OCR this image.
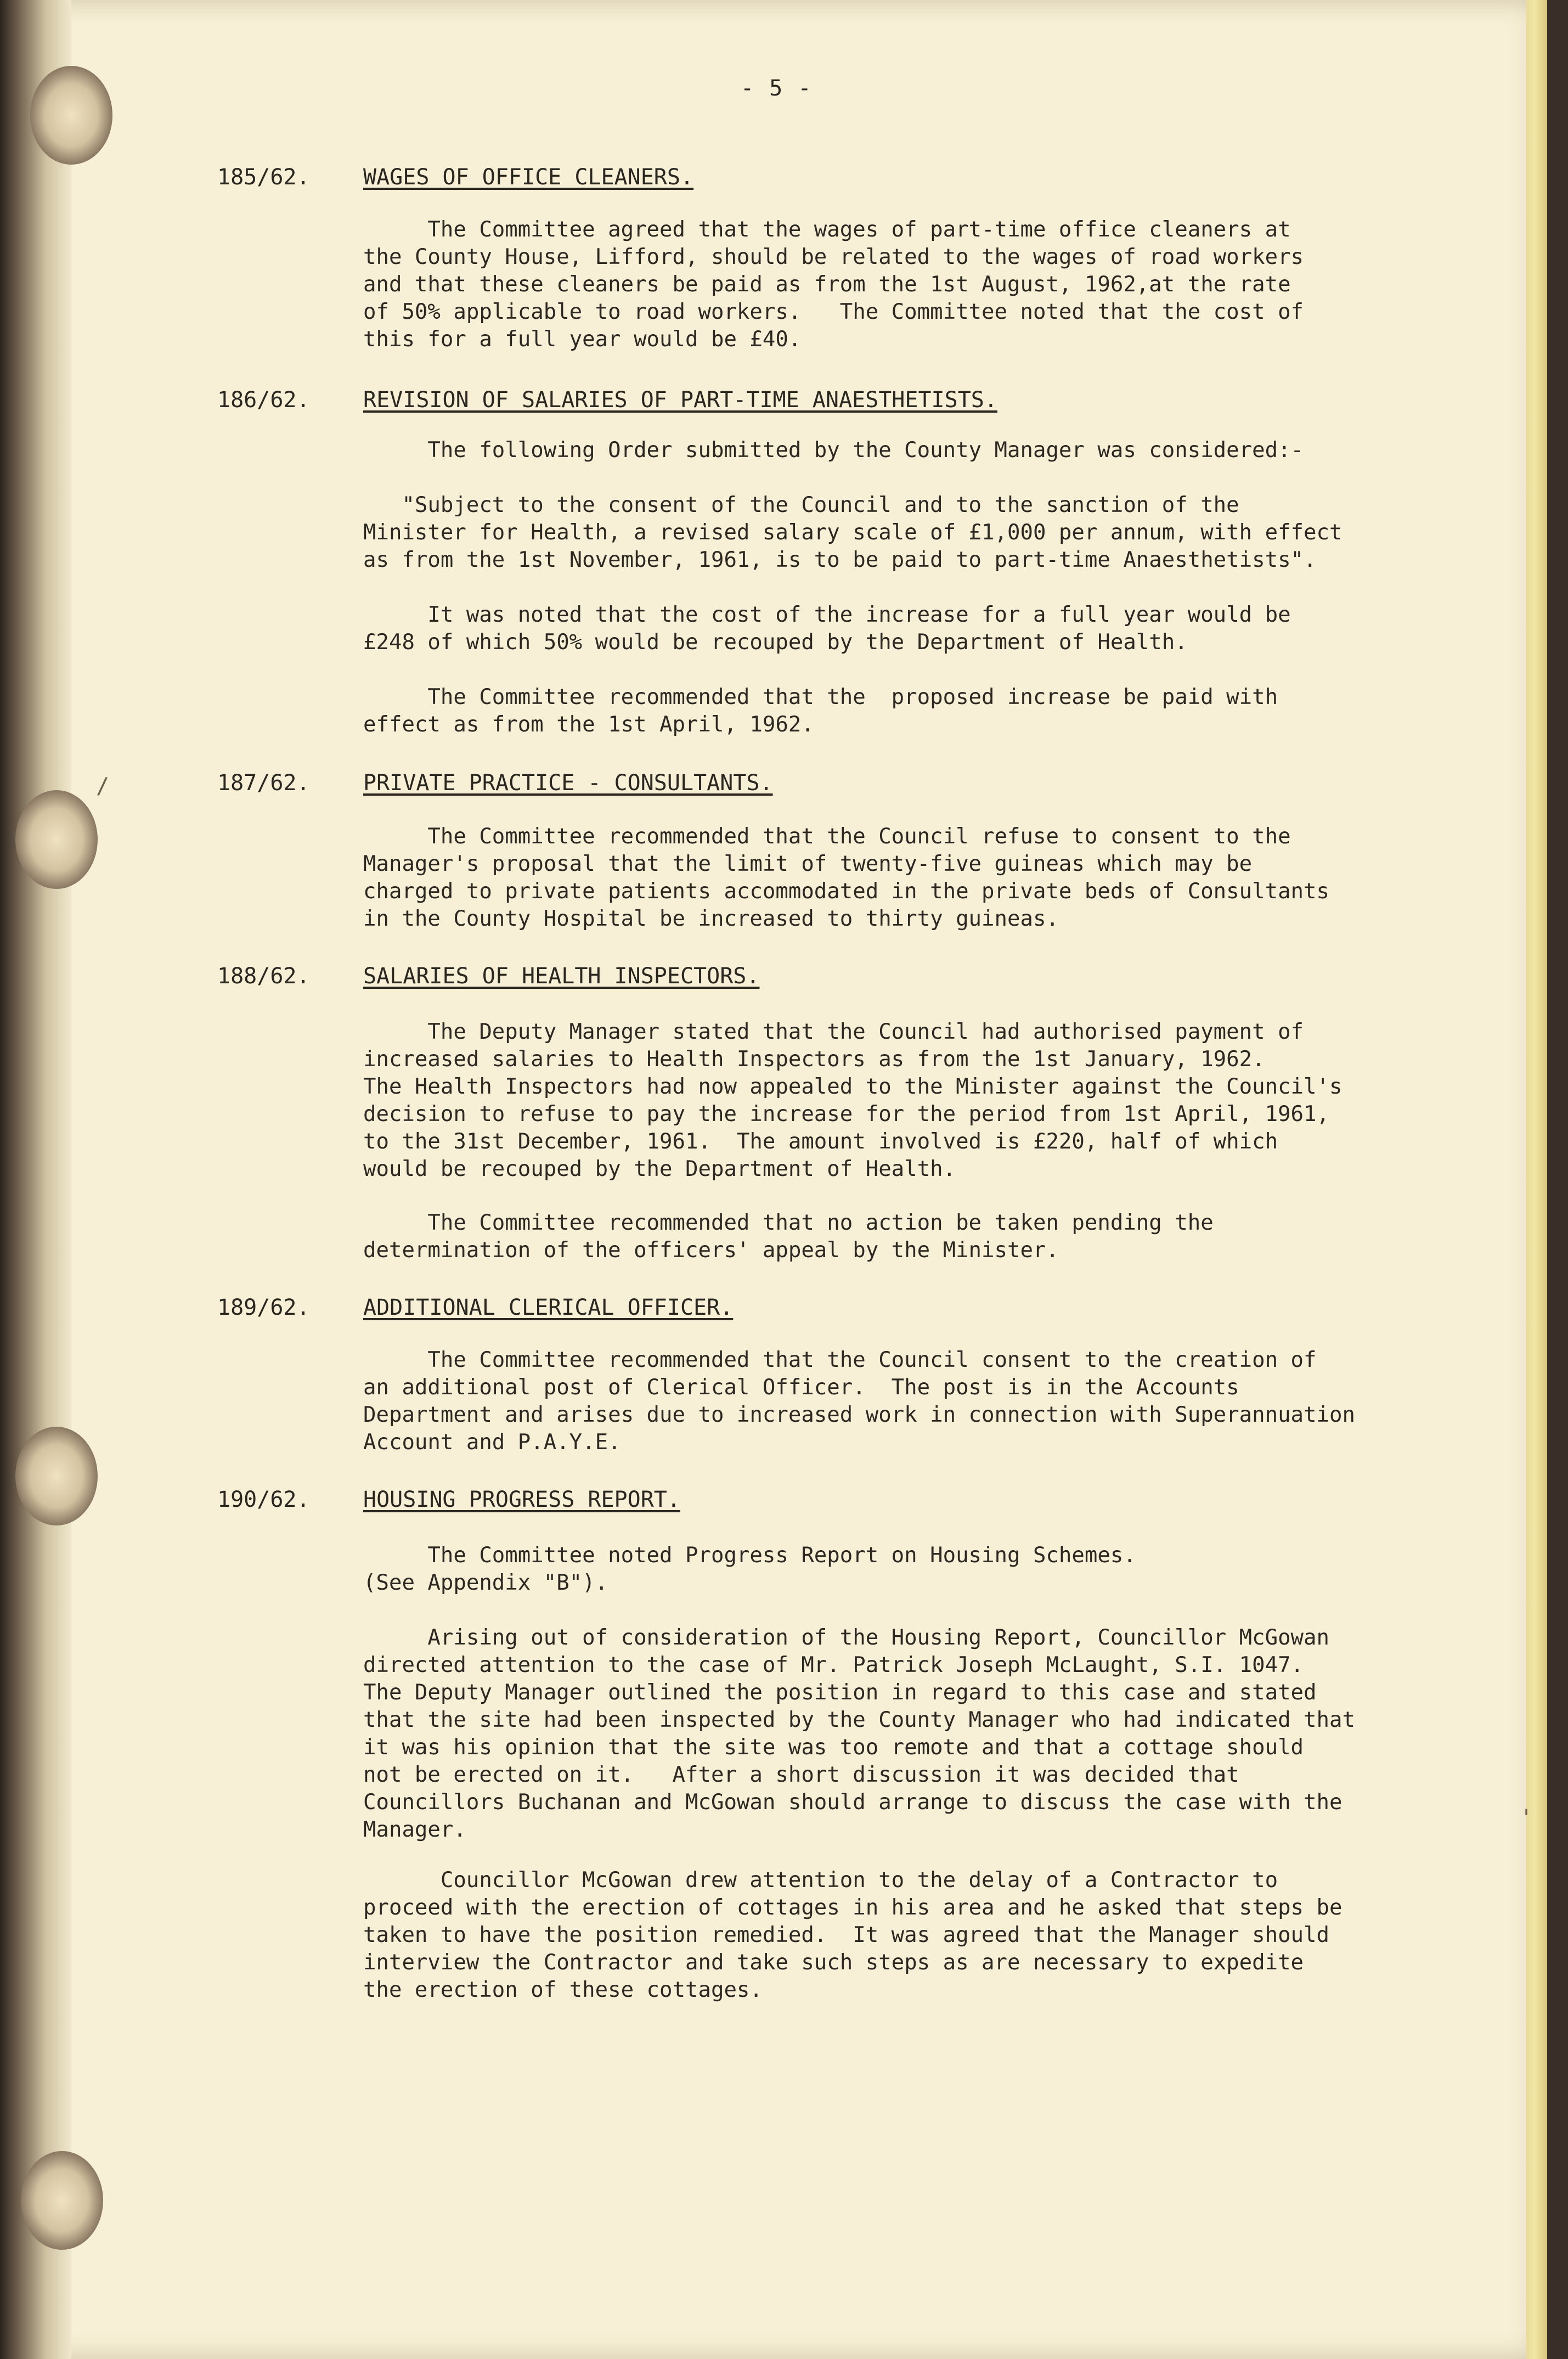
- 5 -
185/62. WAGES OF OFFICE CLEANERS.
The Committee agreed that the wages of part-time office cleaners at
the County House, Lifford, should be related to the wages of road workers
and that these cleaners be paid as from the 1st August, 1962,at the rate
of 50% applicable to road workers.   The Committee noted that the cost of
this for a full year would be £40.
186/62. REVISION OF SALARIES OF PART-TIME ANAESTHETISTS.
The following Order submitted by the County Manager was considered:-
"Subject to the consent of the Council and to the sanction of the
Minister for Health, a revised salary scale of £1,000 per annum, with effect
as from the 1st November, 1961, is to be paid to part-time Anaesthetists".
It was noted that the cost of the increase for a full year would be
£248 of which 50% would be recouped by the Department of Health.
The Committee recommended that the  proposed increase be paid with
effect as from the 1st April, 1962.
187/62. PRIVATE PRACTICE - CONSULTANTS.
The Committee recommended that the Council refuse to consent to the
Manager's proposal that the limit of twenty-five guineas which may be
charged to private patients accommodated in the private beds of Consultants
in the County Hospital be increased to thirty guineas.
188/62. SALARIES OF HEALTH INSPECTORS.
The Deputy Manager stated that the Council had authorised payment of
increased salaries to Health Inspectors as from the 1st January, 1962.
The Health Inspectors had now appealed to the Minister against the Council's
decision to refuse to pay the increase for the period from 1st April, 1961,
to the 31st December, 1961.  The amount involved is £220, half of which
would be recouped by the Department of Health.
The Committee recommended that no action be taken pending the
determination of the officers' appeal by the Minister.
189/62. ADDITIONAL CLERICAL OFFICER.
The Committee recommended that the Council consent to the creation of
an additional post of Clerical Officer.  The post is in the Accounts
Department and arises due to increased work in connection with Superannuation
Account and P.A.Y.E.
190/62. HOUSING PROGRESS REPORT.
The Committee noted Progress Report on Housing Schemes.
(See Appendix "B").
Arising out of consideration of the Housing Report, Councillor McGowan
directed attention to the case of Mr. Patrick Joseph McLaught, S.I. 1047.
The Deputy Manager outlined the position in regard to this case and stated
that the site had been inspected by the County Manager who had indicated that
it was his opinion that the site was too remote and that a cottage should
not be erected on it.   After a short discussion it was decided that
Councillors Buchanan and McGowan should arrange to discuss the case with the
Manager.
Councillor McGowan drew attention to the delay of a Contractor to
proceed with the erection of cottages in his area and he asked that steps be
taken to have the position remedied.  It was agreed that the Manager should
interview the Contractor and take such steps as are necessary to expedite
the erection of these cottages.
/
'
